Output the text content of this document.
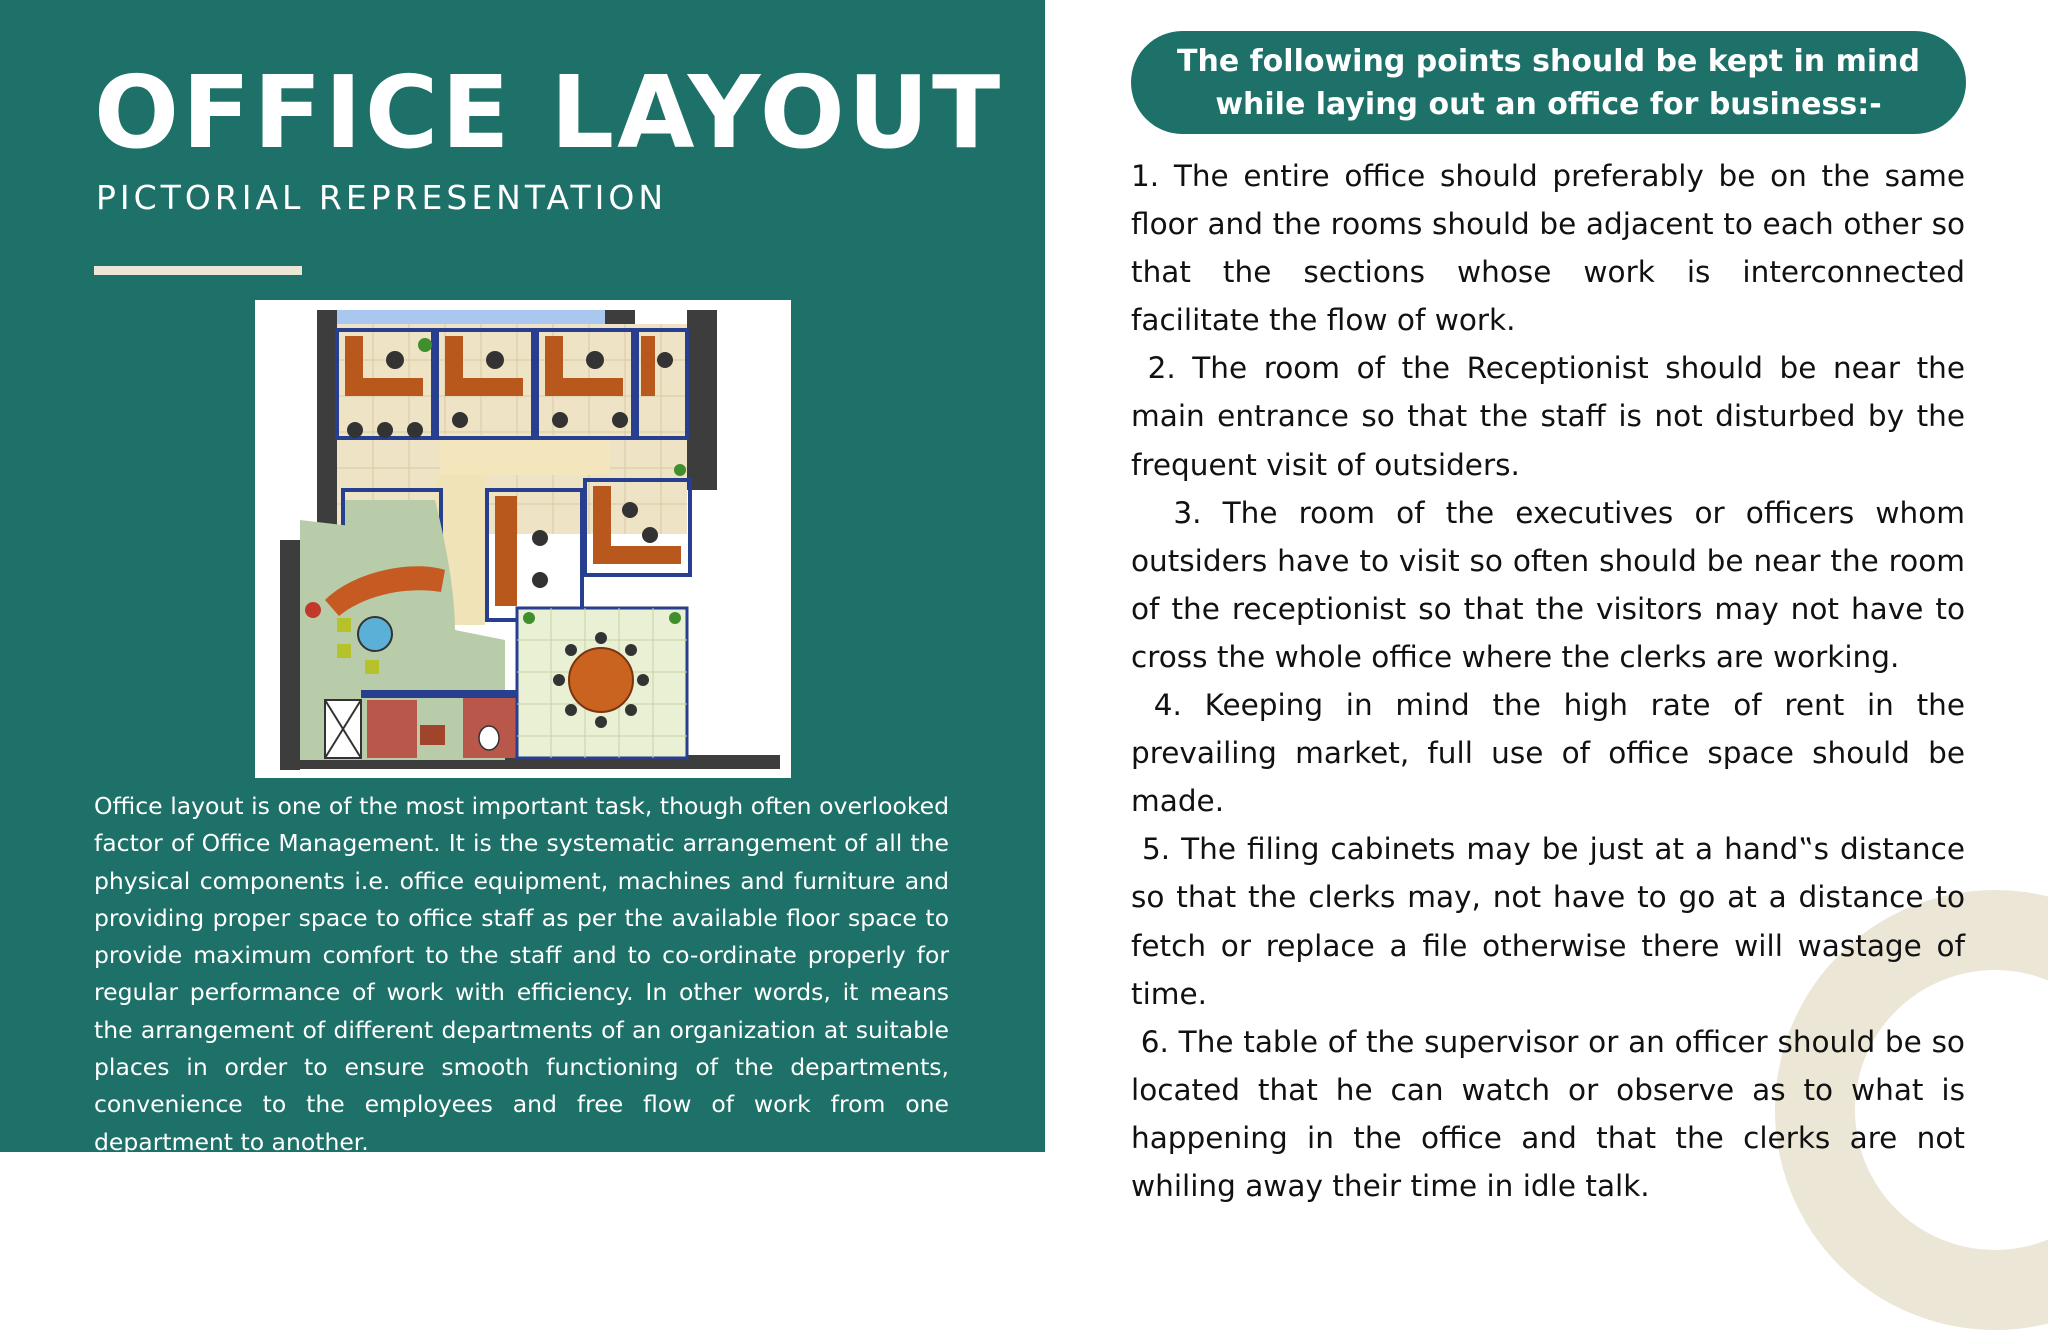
OFFICE LAYOUT

PICTORIAL REPRESENTATION

Office layout is one of the most important task, though often overlooked factor of Office Management. It is the systematic arrangement of all the physical components i.e. office equipment, machines and furniture and providing proper space to office staff as per the available floor space to provide maximum comfort to the staff and to co-ordinate properly for regular performance of work with efficiency. In other words, it means the arrangement of different departments of an organization at suitable places in order to ensure smooth functioning of the departments, convenience to the employees and free flow of work from one department to another.

The following points should be kept in mind while laying out an office for business:-

1. The entire office should preferably be on the same floor and the rooms should be adjacent to each other so that the sections whose work is interconnected facilitate the flow of work.

2. The room of the Receptionist should be near the main entrance so that the staff is not disturbed by the frequent visit of outsiders.

3. The room of the executives or officers whom outsiders have to visit so often should be near the room of the receptionist so that the visitors may not have to cross the whole office where the clerks are working.

4. Keeping in mind the high rate of rent in the prevailing market, full use of office space should be made.

5. The filing cabinets may be just at a hand‟s distance so that the clerks may, not have to go at a distance to fetch or replace a file otherwise there will wastage of time.

6. The table of the supervisor or an officer should be so located that he can watch or observe as to what is happening in the office and that the clerks are not whiling away their time in idle talk.
